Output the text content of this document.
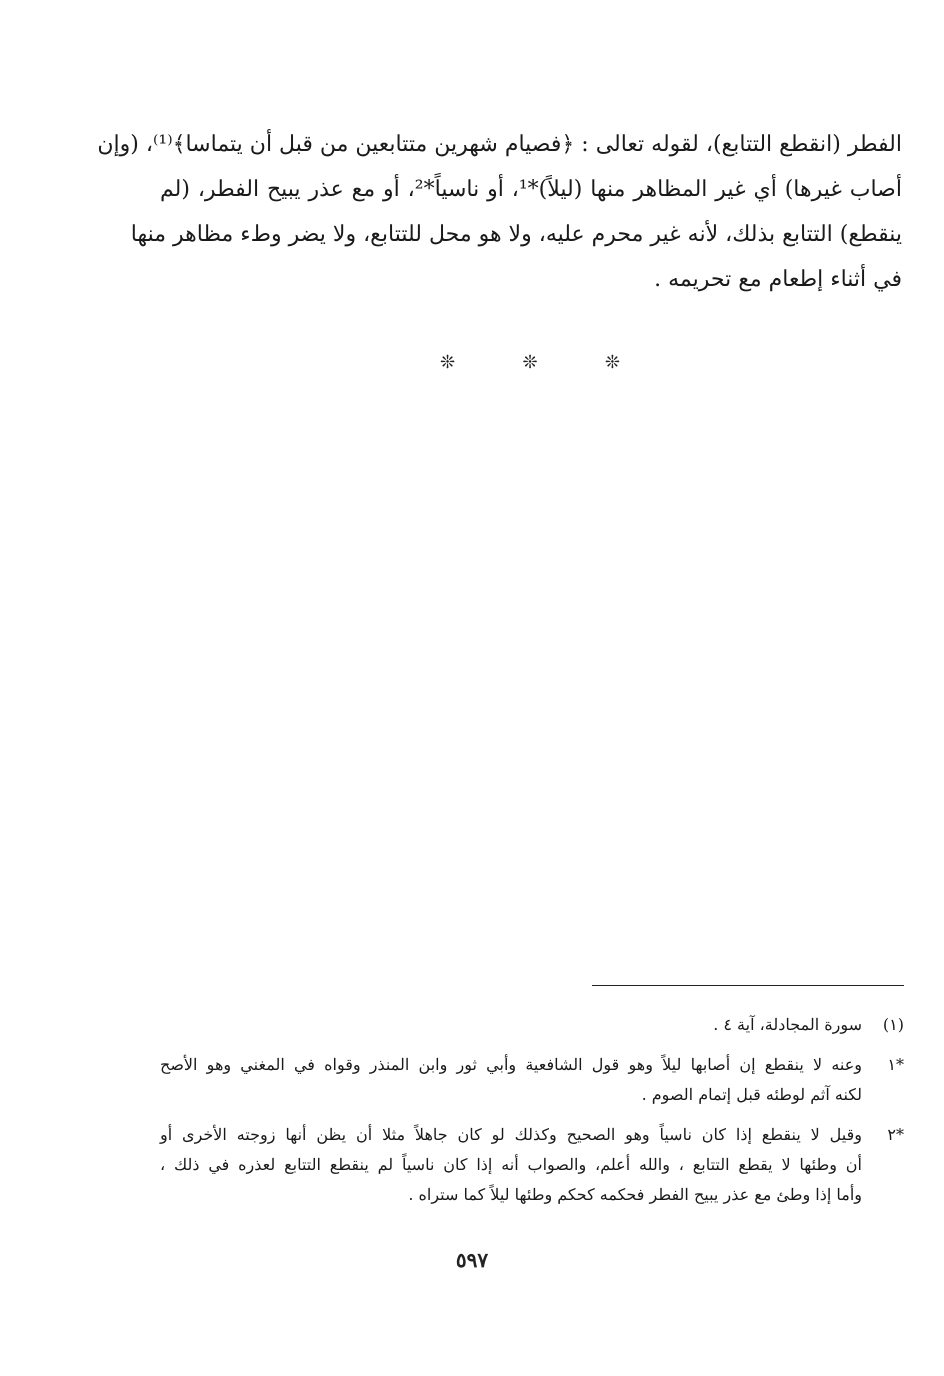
الفطر (انقطع التتابع)، لقوله تعالى : ﴿فصيام شهرين متتابعين من قبل أن يتماسا﴾⁽¹⁾، (وإن
أصاب غيرها) أي غير المظاهر منها (ليلاً)*¹، أو ناسياً*²، أو مع عذر يبيح الفطر، (لم
ينقطع) التتابع بذلك، لأنه غير محرم عليه، ولا هو محل للتتابع، ولا يضر وطء مظاهر منها
في أثناء إطعام مع تحريمه .
❊	❊	❊
(١)
سورة المجادلة، آية ٤ .
*١
وعنه لا ينقطع إن أصابها ليلاً وهو قول الشافعية وأبي ثور وابن المنذر وقواه في المغني وهو الأصح
لكنه آثم لوطئه قبل إتمام الصوم .
*٢
وقيل لا ينقطع إذا كان ناسياً وهو الصحيح وكذلك لو كان جاهلاً مثلا أن يظن أنها زوجته الأخرى أو
أن وطئها لا يقطع التتابع ، والله أعلم، والصواب أنه إذا كان ناسياً لم ينقطع التتابع لعذره في ذلك ،
وأما إذا وطئ مع عذر يبيح الفطر فحكمه كحكم وطئها ليلاً كما ستراه .
٥٩٧
